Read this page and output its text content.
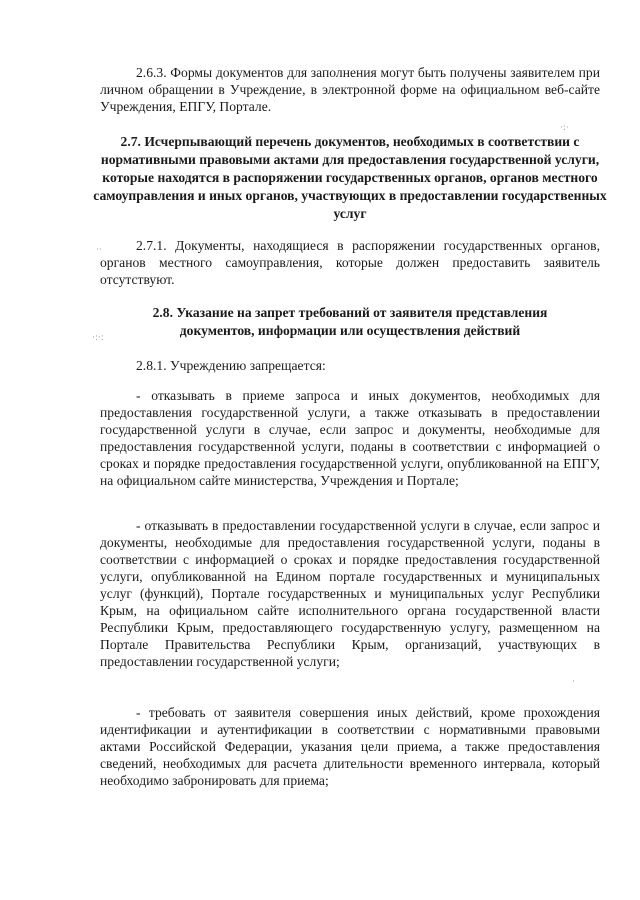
2.6.3. Формы документов для заполнения могут быть получены заявителем при личном обращении в Учреждение, в электронной форме на официальном веб-сайте Учреждения, ЕПГУ, Портале.
2.7. Исчерпывающий перечень документов, необходимых в соответствии с нормативными правовыми актами для предоставления государственной услуги, которые находятся в распоряжении государственных органов, органов местного самоуправления и иных органов, участвующих в предоставлении государственных услуг
2.7.1. Документы, находящиеся в распоряжении государственных органов, органов местного самоуправления, которые должен предоставить заявитель отсутствуют.
2.8. Указание на запрет требований от заявителя представления документов, информации или осуществления действий
2.8.1. Учреждению запрещается:
- отказывать в приеме запроса и иных документов, необходимых для предоставления государственной услуги, а также отказывать в предоставлении государственной услуги в случае, если запрос и документы, необходимые для предоставления государственной услуги, поданы в соответствии с информацией о сроках и порядке предоставления государственной услуги, опубликованной на ЕПГУ, на официальном сайте министерства, Учреждения и Портале;
- отказывать в предоставлении государственной услуги в случае, если запрос и документы, необходимые для предоставления государственной услуги, поданы в соответствии с информацией о сроках и порядке предоставления государственной услуги, опубликованной на Едином портале государственных и муниципальных услуг (функций), Портале государственных и муниципальных услуг Республики Крым, на официальном сайте исполнительного органа государственной власти Республики Крым, предоставляющего государственную услугу, размещенном на Портале Правительства Республики Крым, организаций, участвующих в предоставлении государственной услуги;
- требовать от заявителя совершения иных действий, кроме прохождения идентификации и аутентификации в соответствии с нормативными правовыми актами Российской Федерации, указания цели приема, а также предоставления сведений, необходимых для расчета длительности временного интервала, который необходимо забронировать для приема;
·:·
·:·:
··
·
